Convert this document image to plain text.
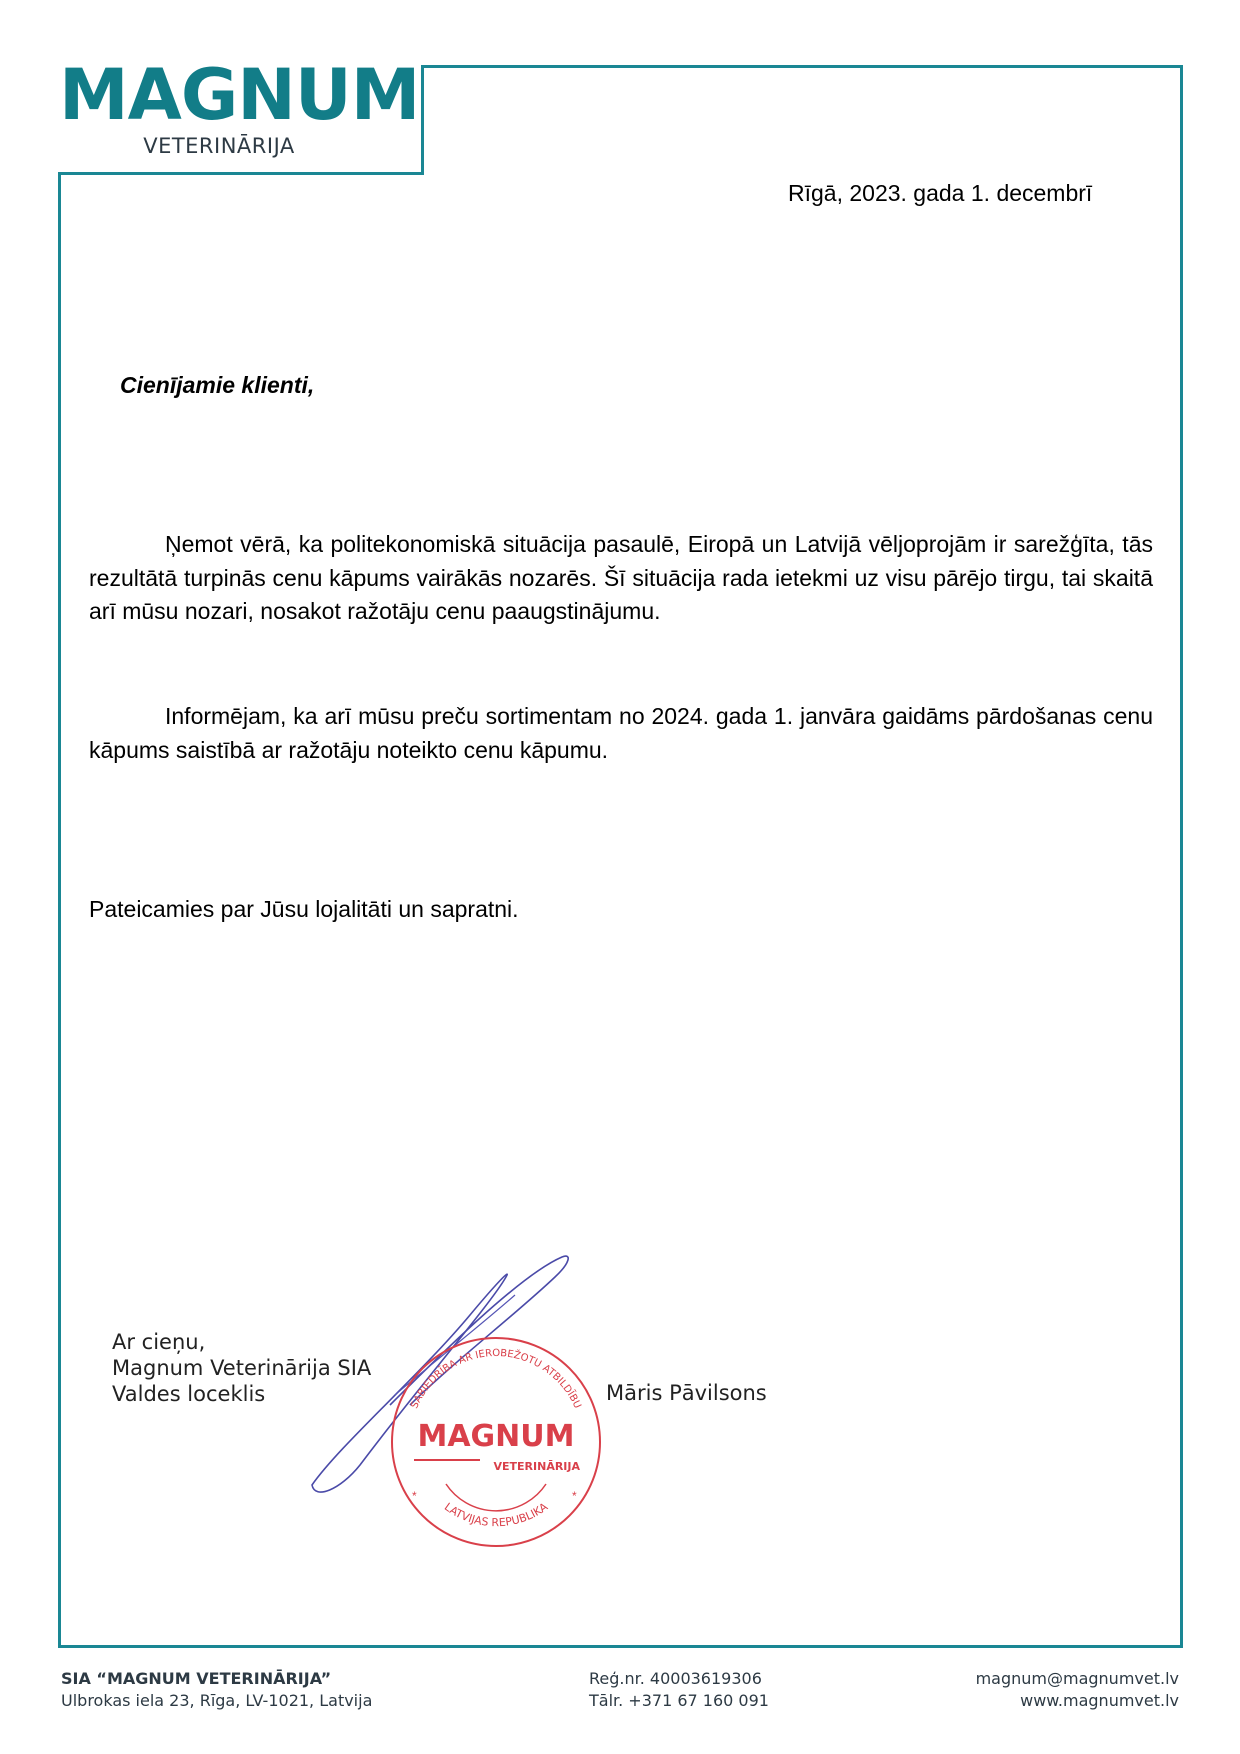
MAGNUM
VETERINĀRIJA
Rīgā, 2023. gada 1. decembrī
Cienījamie klienti,
Ņemot vērā, ka politekonomiskā situācija pasaulē, Eiropā un Latvijā vēljoprojām ir sarežģīta, tās rezultātā turpinās cenu kāpums vairākās nozarēs. Šī situācija rada ietekmi uz visu pārējo tirgu, tai skaitā arī mūsu nozari, nosakot ražotāju cenu paaugstinājumu.
Informējam, ka arī mūsu preču sortimentam no 2024. gada 1. janvāra gaidāms pārdošanas cenu kāpums saistībā ar ražotāju noteikto cenu kāpumu.
Pateicamies par Jūsu lojalitāti un sapratni.
Ar cieņu,
Magnum Veterinārija SIA
Valdes loceklis	Māris Pāvilsons
SABIEDRĪBA AR IEROBEŽOTU ATBILDĪBU
MAGNUM
VETERINĀRIJA
*	*
LATVIJAS REPUBLIKA
SIA “MAGNUM VETERINĀRIJA”
Ulbrokas iela 23, Rīga, LV-1021, Latvija
Reģ.nr. 40003619306
Tālr. +371 67 160 091
magnum@magnumvet.lv
www.magnumvet.lv
